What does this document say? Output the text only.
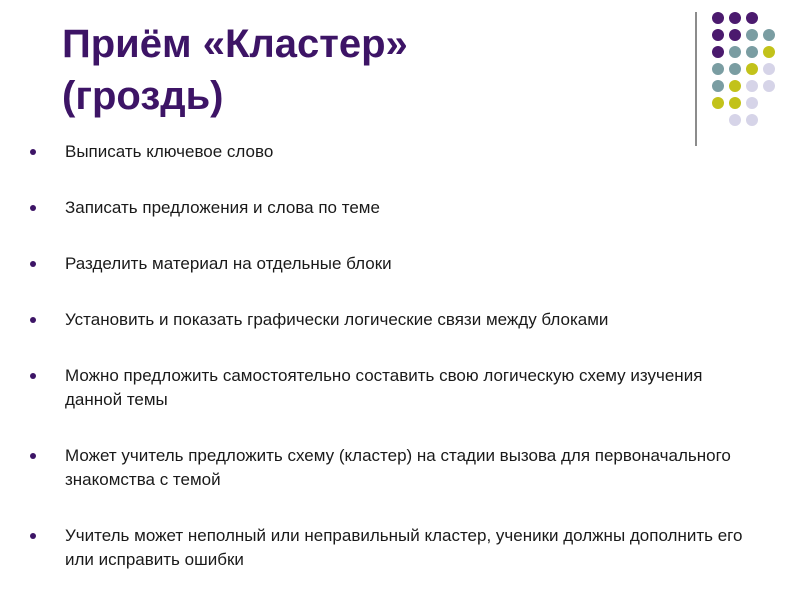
Приём «Кластер»
(гроздь)
Выписать ключевое слово
Записать предложения и слова по теме
Разделить материал на отдельные блоки
Установить и показать графически логические связи между блоками
Можно предложить самостоятельно составить свою логическую схему изучения данной темы
Может учитель предложить схему (кластер) на стадии вызова для первоначального знакомства с темой
Учитель может неполный или неправильный кластер, ученики должны дополнить его или исправить ошибки
